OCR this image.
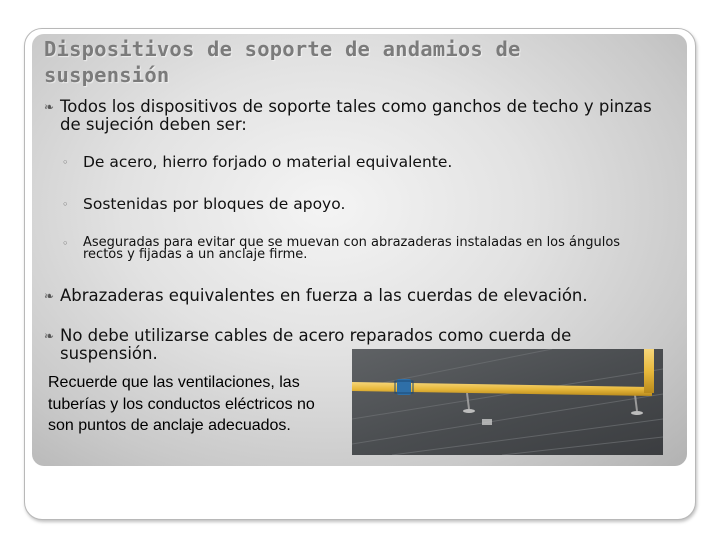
Dispositivos de soporte de andamios de suspensión
❧ Todos los dispositivos de soporte tales como ganchos de techo y pinzas de sujeción deben ser:
◦ De acero, hierro forjado o material equivalente.
◦ Sostenidas por bloques de apoyo.
◦ Aseguradas para evitar que se muevan con abrazaderas instaladas en los ángulos rectos y fijadas a un anclaje firme.
❧ Abrazaderas equivalentes en fuerza a las cuerdas de elevación.
❧ No debe utilizarse cables de acero reparados como cuerda de suspensión.
Recuerde que las ventilaciones, las tuberías y los conductos eléctricos no son puntos de anclaje adecuados.
